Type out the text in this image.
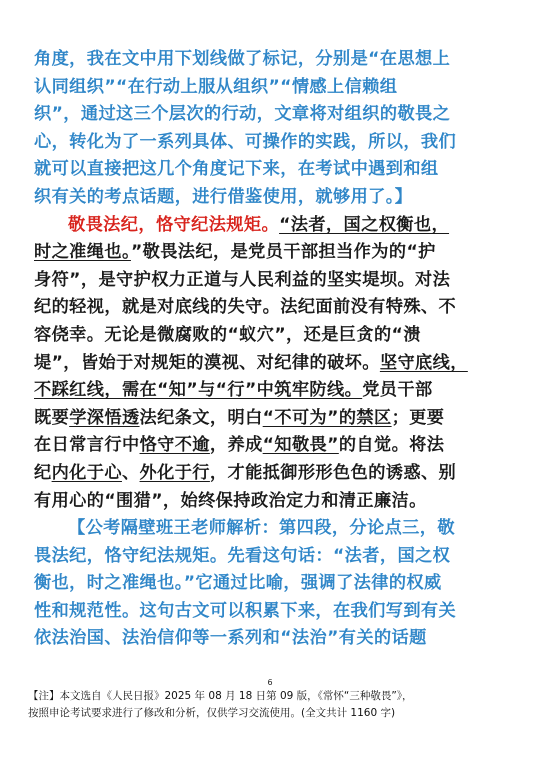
角度，我在文中用下划线做了标记，分别是“在思想上
认同组织”“在行动上服从组织”“情感上信赖组
织”，通过这三个层次的行动，文章将对组织的敬畏之
心，转化为了一系列具体、可操作的实践，所以，我们
就可以直接把这几个角度记下来，在考试中遇到和组
织有关的考点话题，进行借鉴使用，就够用了。】
敬畏法纪，恪守纪法规矩。“法者，国之权衡也，
时之准绳也。”敬畏法纪，是党员干部担当作为的“护
身符”，是守护权力正道与人民利益的坚实堤坝。对法
纪的轻视，就是对底线的失守。法纪面前没有特殊、不
容侥幸。无论是微腐败的“蚁穴”，还是巨贪的“溃
堤”，皆始于对规矩的漠视、对纪律的破坏。坚守底线，
不踩红线，需在“知”与“行”中筑牢防线。党员干部
既要学深悟透法纪条文，明白“不可为”的禁区；更要
在日常言行中恪守不逾，养成“知敬畏”的自觉。将法
纪内化于心、外化于行，才能抵御形形色色的诱惑、别
有用心的“围猎”，始终保持政治定力和清正廉洁。
【公考隔壁班王老师解析：第四段，分论点三，敬
畏法纪，恪守纪法规矩。先看这句话：“法者，国之权
衡也，时之准绳也。”它通过比喻，强调了法律的权威
性和规范性。这句古文可以积累下来，在我们写到有关
依法治国、法治信仰等一系列和“法治”有关的话题
6
【注】本文选自《人民日报》2025 年 08 月 18 日第 09 版，《常怀“三种敬畏”》，
按照申论考试要求进行了修改和分析，仅供学习交流使用。(全文共计 1160 字)
